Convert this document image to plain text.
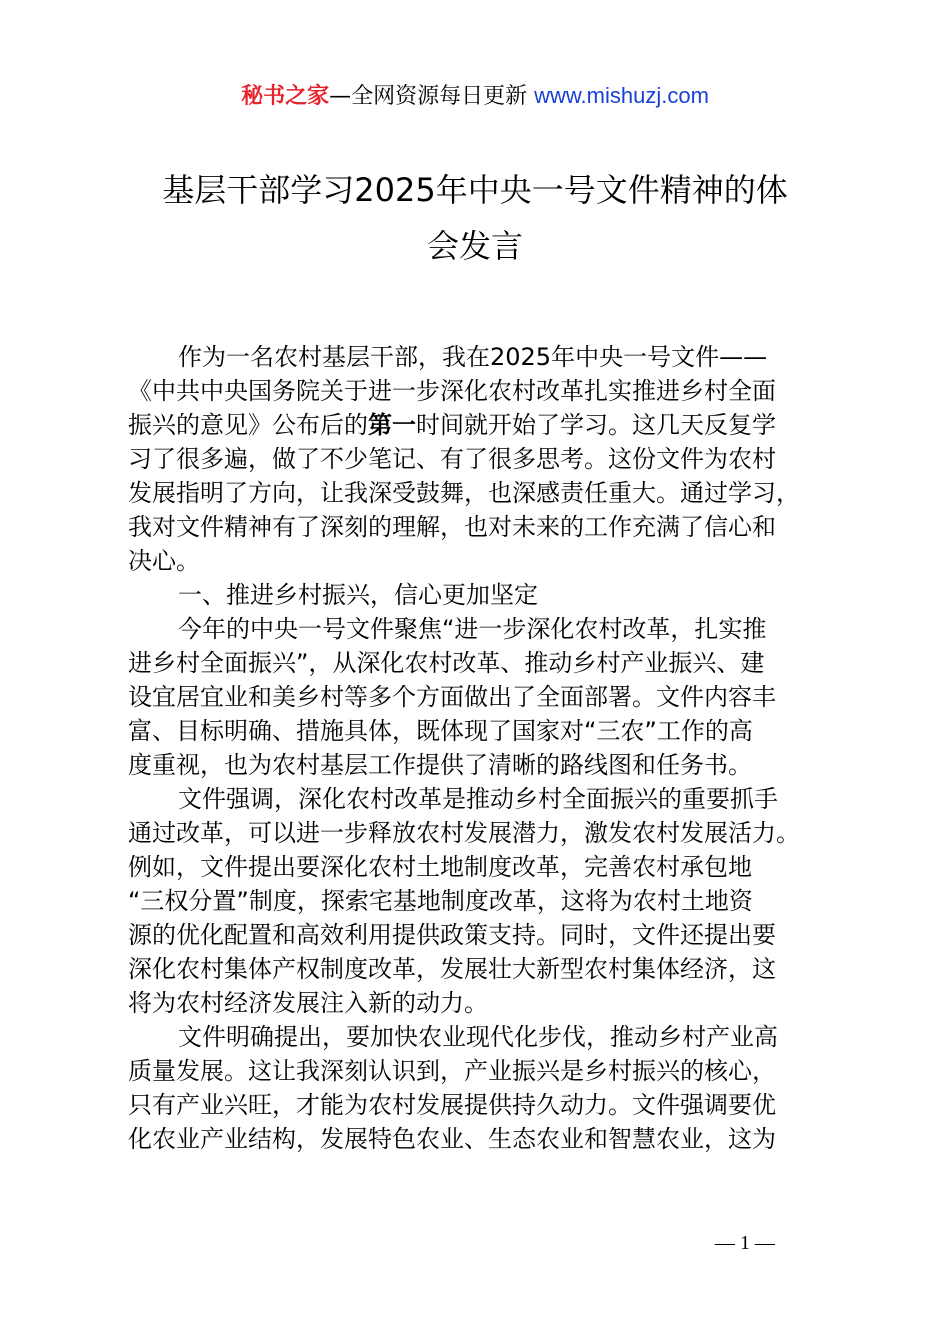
秘书之家—全网资源每日更新 www.mishuzj.com
基层干部学习2025年中央一号文件精神的体
会发言
作为一名农村基层干部，我在2025年中央一号文件——
《中共中央国务院关于进一步深化农村改革扎实推进乡村全面
振兴的意见》公布后的第一时间就开始了学习。这几天反复学
习了很多遍，做了不少笔记、有了很多思考。这份文件为农村
发展指明了方向，让我深受鼓舞，也深感责任重大。通过学习，
我对文件精神有了深刻的理解，也对未来的工作充满了信心和
决心。
一、推进乡村振兴，信心更加坚定
今年的中央一号文件聚焦“进一步深化农村改革，扎实推
进乡村全面振兴”，从深化农村改革、推动乡村产业振兴、建
设宜居宜业和美乡村等多个方面做出了全面部署。文件内容丰
富、目标明确、措施具体，既体现了国家对“三农”工作的高
度重视，也为农村基层工作提供了清晰的路线图和任务书。
文件强调，深化农村改革是推动乡村全面振兴的重要抓手
通过改革，可以进一步释放农村发展潜力，激发农村发展活力。
例如，文件提出要深化农村土地制度改革，完善农村承包地
“三权分置”制度，探索宅基地制度改革，这将为农村土地资
源的优化配置和高效利用提供政策支持。同时，文件还提出要
深化农村集体产权制度改革，发展壮大新型农村集体经济，这
将为农村经济发展注入新的动力。
文件明确提出，要加快农业现代化步伐，推动乡村产业高
质量发展。这让我深刻认识到，产业振兴是乡村振兴的核心，
只有产业兴旺，才能为农村发展提供持久动力。文件强调要优
化农业产业结构，发展特色农业、生态农业和智慧农业，这为
— 1 —
